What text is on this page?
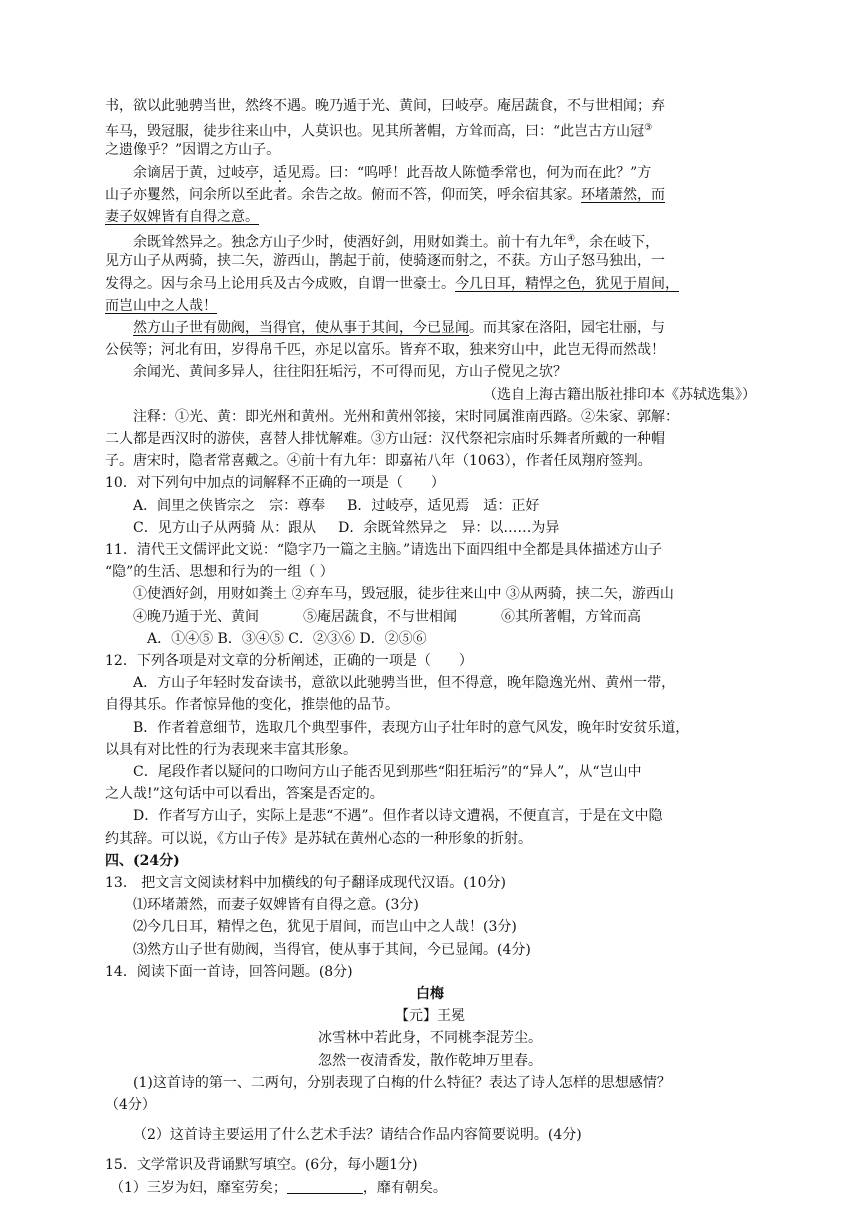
书，欲以此驰骋当世，然终不遇。晚乃遁于光、黄间，曰岐亭。庵居蔬食，不与世相闻；弃
车马，毁冠服，徒步往来山中，人莫识也。见其所著帽，方耸而高，曰：“此岂古方山冠③
之遗像乎？”因谓之方山子。
余谪居于黄，过岐亭，适见焉。曰：“呜呼！此吾故人陈慥季常也，何为而在此？”方
山子亦矍然，问余所以至此者。余告之故。俯而不答，仰而笑，呼余宿其家。环堵萧然，而
妻子奴婢皆有自得之意。
余既耸然异之。独念方山子少时，使酒好剑，用财如粪土。前十有九年④，余在岐下，
见方山子从两骑，挟二矢，游西山，鹊起于前，使骑逐而射之，不获。方山子怒马独出，一
发得之。因与余马上论用兵及古今成败，自谓一世豪士。今几日耳，精悍之色，犹见于眉间，
而岂山中之人哉！
然方山子世有勋阀，当得官，使从事于其间，今已显闻。而其家在洛阳，园宅壮丽，与
公侯等；河北有田，岁得帛千匹，亦足以富乐。皆弃不取，独来穷山中，此岂无得而然哉！
余闻光、黄间多异人，往往阳狂垢污，不可得而见，方山子傥见之欤？
（选自上海古籍出版社排印本《苏轼选集》）
注释：①光、黄：即光州和黄州。光州和黄州邻接，宋时同属淮南西路。②朱家、郭解：
二人都是西汉时的游侠，喜替人排忧解难。③方山冠：汉代祭祀宗庙时乐舞者所戴的一种帽
子。唐宋时，隐者常喜戴之。④前十有九年：即嘉祐八年（1063），作者任凤翔府签判。
10．对下列句中加点的词解释不正确的一项是（　　）
A．闾里之侠皆宗之　宗：尊奉 B．过岐亭，适见焉　适：正好
C．见方山子从两骑 从：跟从 D．余既耸然异之　异：以……为异
11．清代王文儒评此文说：“隐字乃一篇之主脑。”请选出下面四组中全都是具体描述方山子
“隐”的生活、思想和行为的一组（ ）
①使酒好剑，用财如粪土 ②弃车马，毁冠服，徒步往来山中 ③从两骑，挟二矢，游西山
④晚乃遁于光、黄间	⑤庵居蔬食，不与世相闻	⑥其所著帽，方耸而高
A．①④⑤ B．③④⑤ C．②③⑥ D．②⑤⑥
12．下列各项是对文章的分析阐述，正确的一项是（　　）
A．方山子年轻时发奋读书，意欲以此驰骋当世，但不得意，晚年隐逸光州、黄州一带，
自得其乐。作者惊异他的变化，推崇他的品节。
B．作者着意细节，选取几个典型事件，表现方山子壮年时的意气风发，晚年时安贫乐道，
以具有对比性的行为表现来丰富其形象。
C．尾段作者以疑问的口吻问方山子能否见到那些“阳狂垢污”的“异人”，从“岂山中
之人哉!”这句话中可以看出，答案是否定的。
D．作者写方山子，实际上是悲“不遇”。但作者以诗文遭祸，不便直言，于是在文中隐
约其辞。可以说，《方山子传》是苏轼在黄州心态的一种形象的折射。
四、(24分)
13． 把文言文阅读材料中加横线的句子翻译成现代汉语。(10分)
⑴环堵萧然，而妻子奴婢皆有自得之意。(3分)
⑵今几日耳，精悍之色，犹见于眉间，而岂山中之人哉！(3分)
⑶然方山子世有勋阀，当得官，使从事于其间，今已显闻。(4分)
14．阅读下面一首诗，回答问题。(8分)
白梅
【元】王冕
冰雪林中若此身，不同桃李混芳尘。
忽然一夜清香发，散作乾坤万里春。
(1)这首诗的第一、二两句，分别表现了白梅的什么特征？表达了诗人怎样的思想感情？
（4分）
（2）这首诗主要运用了什么艺术手法？请结合作品内容简要说明。(4分)
15．文学常识及背诵默写填空。(6分，每小题1分)
（1）三岁为妇，靡室劳矣；	，靡有朝矣。
